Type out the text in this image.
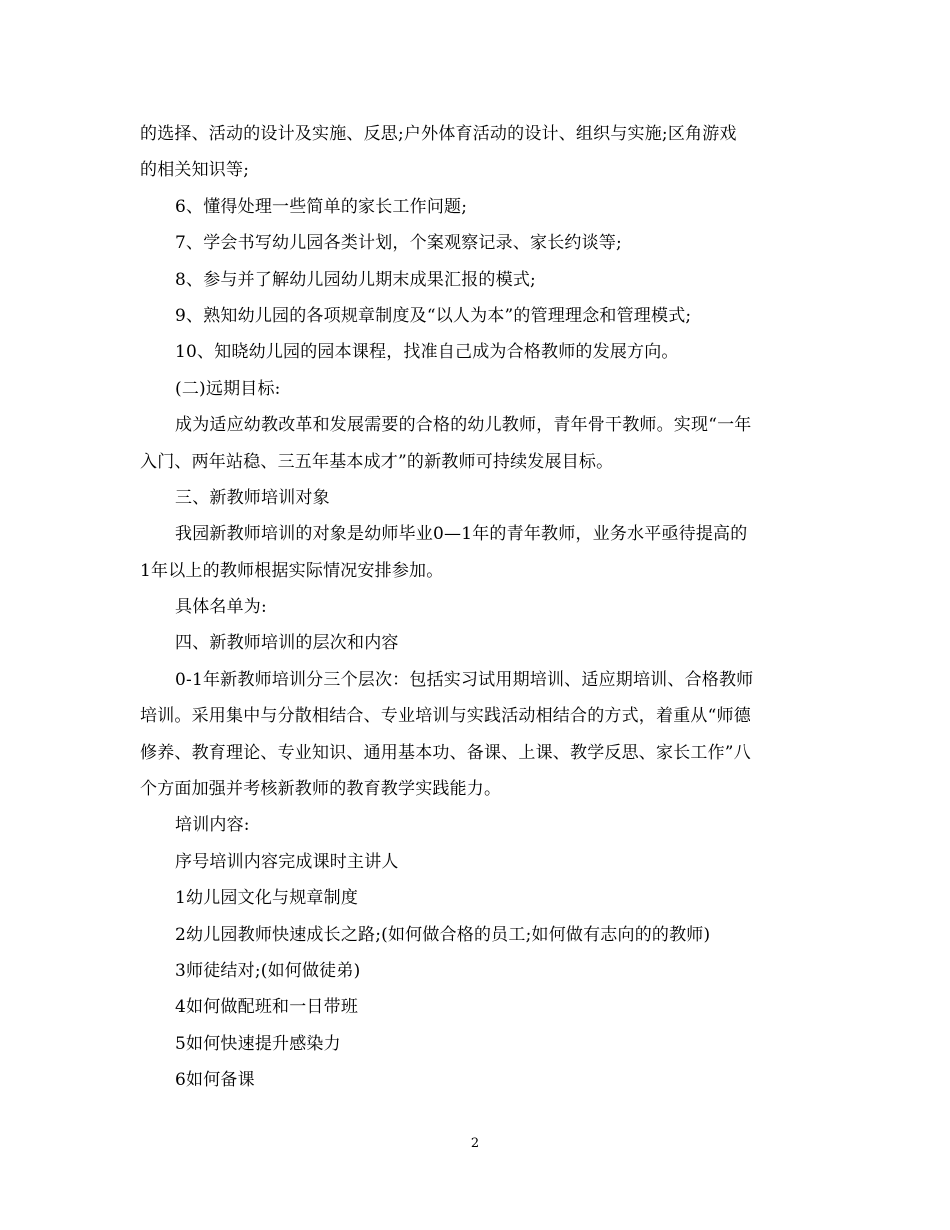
的选择、活动的设计及实施、反思;户外体育活动的设计、组织与实施;区角游戏
的相关知识等;
6、懂得处理一些简单的家长工作问题;
7、学会书写幼儿园各类计划，个案观察记录、家长约谈等;
8、参与并了解幼儿园幼儿期末成果汇报的模式;
9、熟知幼儿园的各项规章制度及“以人为本”的管理理念和管理模式;
10、知晓幼儿园的园本课程，找准自己成为合格教师的发展方向。
(二)远期目标:
成为适应幼教改革和发展需要的合格的幼儿教师，青年骨干教师。实现“一年
入门、两年站稳、三五年基本成才”的新教师可持续发展目标。
三、新教师培训对象
我园新教师培训的对象是幼师毕业0—1年的青年教师，业务水平亟待提高的
1年以上的教师根据实际情况安排参加。
具体名单为:
四、新教师培训的层次和内容
0-1年新教师培训分三个层次：包括实习试用期培训、适应期培训、合格教师
培训。采用集中与分散相结合、专业培训与实践活动相结合的方式，着重从“师德
修养、教育理论、专业知识、通用基本功、备课、上课、教学反思、家长工作”八
个方面加强并考核新教师的教育教学实践能力。
培训内容:
序号培训内容完成课时主讲人
1幼儿园文化与规章制度
2幼儿园教师快速成长之路;(如何做合格的员工;如何做有志向的的教师)
3师徒结对;(如何做徒弟)
4如何做配班和一日带班
5如何快速提升感染力
6如何备课
2
